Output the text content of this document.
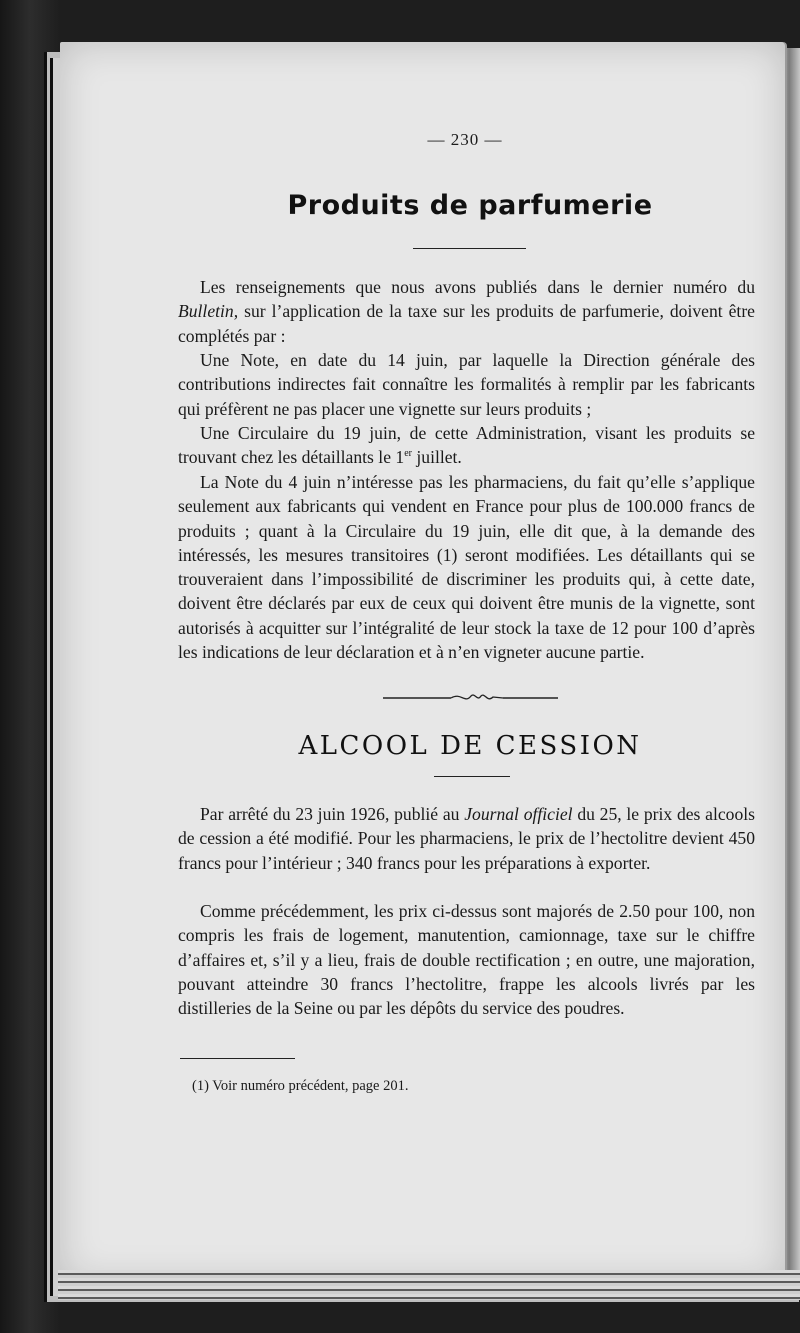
— 230 —
Produits de parfumerie

Les renseignements que nous avons publiés dans le dernier numéro du Bulletin, sur l’application de la taxe sur les produits de parfumerie, doivent être complétés par :

Une Note, en date du 14 juin, par laquelle la Direction générale des contributions indirectes fait connaître les formalités à remplir par les fabricants qui préfèrent ne pas placer une vignette sur leurs produits ;

Une Circulaire du 19 juin, de cette Administration, visant les produits se trouvant chez les détaillants le 1er juillet.

La Note du 4 juin n’intéresse pas les pharmaciens, du fait qu’elle s’applique seulement aux fabricants qui vendent en France pour plus de 100.000 francs de produits ; quant à la Circulaire du 19 juin, elle dit que, à la demande des intéressés, les mesures transitoires (1) seront modifiées. Les détaillants qui se trouveraient dans l’impossibilité de discriminer les produits qui, à cette date, doivent être déclarés par eux de ceux qui doivent être munis de la vignette, sont autorisés à acquitter sur l’intégralité de leur stock la taxe de 12 pour 100 d’après les indications de leur déclaration et à n’en vigneter aucune partie.

ALCOOL DE CESSION

Par arrêté du 23 juin 1926, publié au Journal officiel du 25, le prix des alcools de cession a été modifié. Pour les pharmaciens, le prix de l’hectolitre devient 450 francs pour l’intérieur ; 340 francs pour les préparations à exporter.

Comme précédemment, les prix ci-dessus sont majorés de 2.50 pour 100, non compris les frais de logement, manutention, camionnage, taxe sur le chiffre d’affaires et, s’il y a lieu, frais de double rectification ; en outre, une majoration, pouvant atteindre 30 francs l’hectolitre, frappe les alcools livrés par les distilleries de la Seine ou par les dépôts du service des poudres.

(1) Voir numéro précédent, page 201.
